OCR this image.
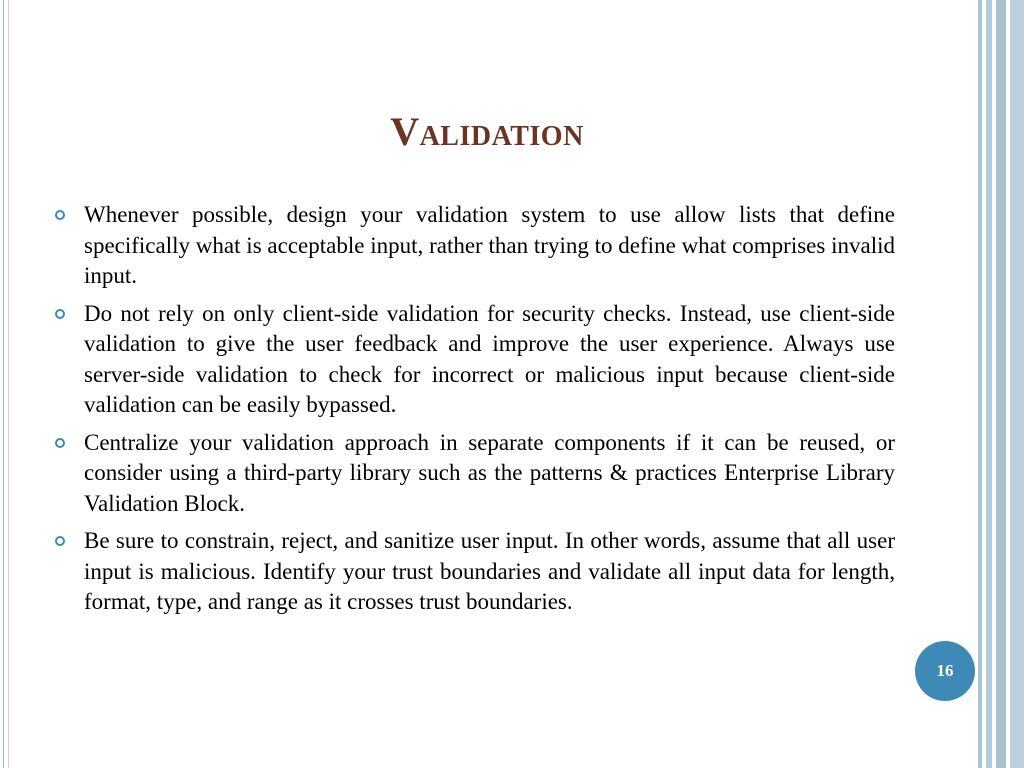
Validation
Whenever possible, design your validation system to use allow lists that define specifically what is acceptable input, rather than trying to define what comprises invalid input.
Do not rely on only client-side validation for security checks. Instead, use client-side validation to give the user feedback and improve the user experience. Always use server-side validation to check for incorrect or malicious input because client-side validation can be easily bypassed.
Centralize your validation approach in separate components if it can be reused, or consider using a third-party library such as the patterns & practices Enterprise Library Validation Block.
Be sure to constrain, reject, and sanitize user input. In other words, assume that all user input is malicious. Identify your trust boundaries and validate all input data for length, format, type, and range as it crosses trust boundaries.
16
